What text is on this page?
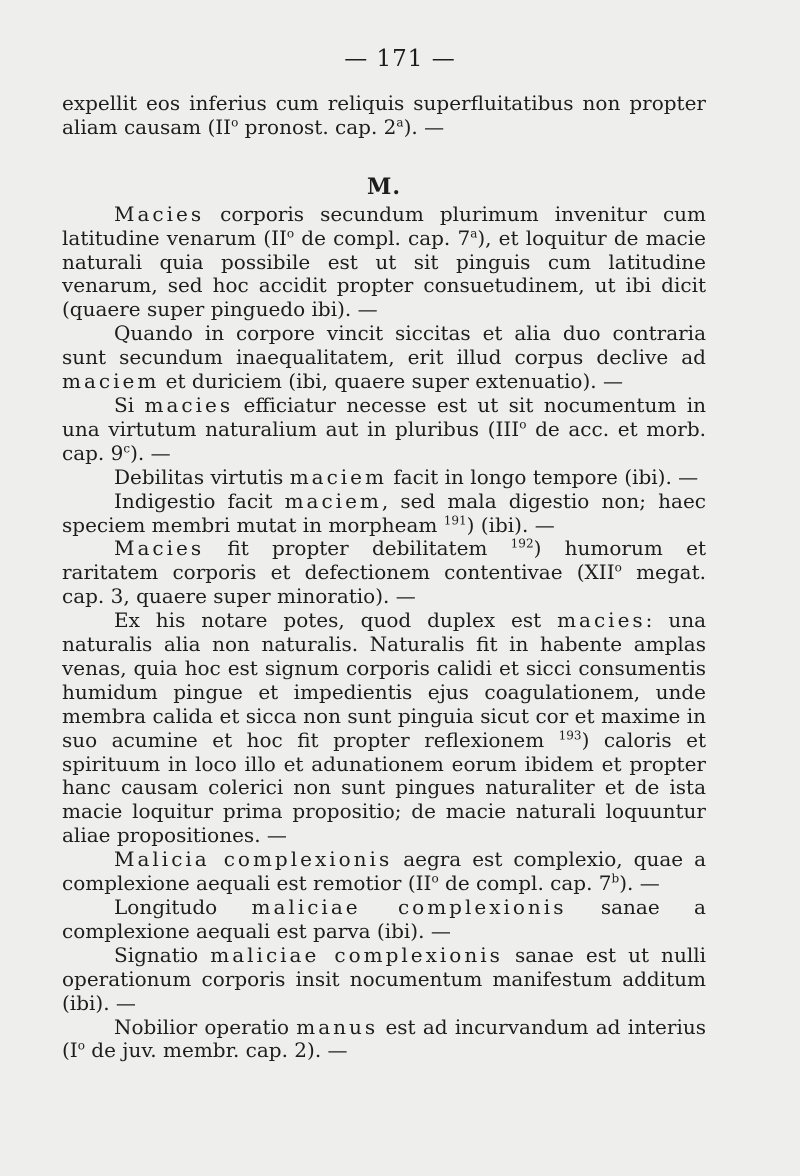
— 171 —

expellit eos inferius cum reliquis superfluitatibus non propter aliam causam ($II^o$ pronost. cap. 2$^a$). —

M.

Macies corporis secundum plurimum invenitur cum latitudine venarum ($II^o$ de compl. cap. 7$^a$), et loquitur de macie naturali quia possibile est ut sit pinguis cum latitudine venarum, sed hoc accidit propter consuetudinem, ut ibi dicit (quaere super pinguedo ibi). —

Quando in corpore vincit siccitas et alia duo contraria sunt secundum inaequalitatem, erit illud corpus declive ad maciem et duriciem (ibi, quaere super extenuatio). —

Si macies efficiatur necesse est ut sit nocumentum in una virtutum naturalium aut in pluribus (III$^o$ de acc. et morb. cap. 9$^c$). —

Debilitas virtutis maciem facit in longo tempore (ibi). —

Indigestio facit maciem, sed mala digestio non; haec speciem membri mutat in morpheam $^{191}$) (ibi). —

Macies fit propter debilitatem $^{192}$) humorum et raritatem corporis et defectionem contentivae (XII$^o$ megat. cap. 3, quaere super minoratio). —

Ex his notare potes, quod duplex est macies: una naturalis alia non naturalis. Naturalis fit in habente amplas venas, quia hoc est signum corporis calidi et sicci consumentis humidum pingue et impedientis ejus coagulationem, unde membra calida et sicca non sunt pinguia sicut cor et maxime in suo acumine et hoc fit propter reflexionem $^{193}$) caloris et spirituum in loco illo et adunationem eorum ibidem et propter hanc causam colerici non sunt pingues naturaliter et de ista macie loquitur prima propositio; de macie naturali loquuntur aliae propositiones. —

Malicia complexionis aegra est complexio, quae a complexione aequali est remotior ($II^o$ de compl. cap. 7$^b$). —

Longitudo maliciae complexionis sanae a complexione aequali est parva (ibi). —

Signatio maliciae complexionis sanae est ut nulli operationum corporis insit nocumentum manifestum additum (ibi). —

Nobilior operatio manus est ad incurvandum ad interius ($I^o$ de juv. membr. cap. 2). —
